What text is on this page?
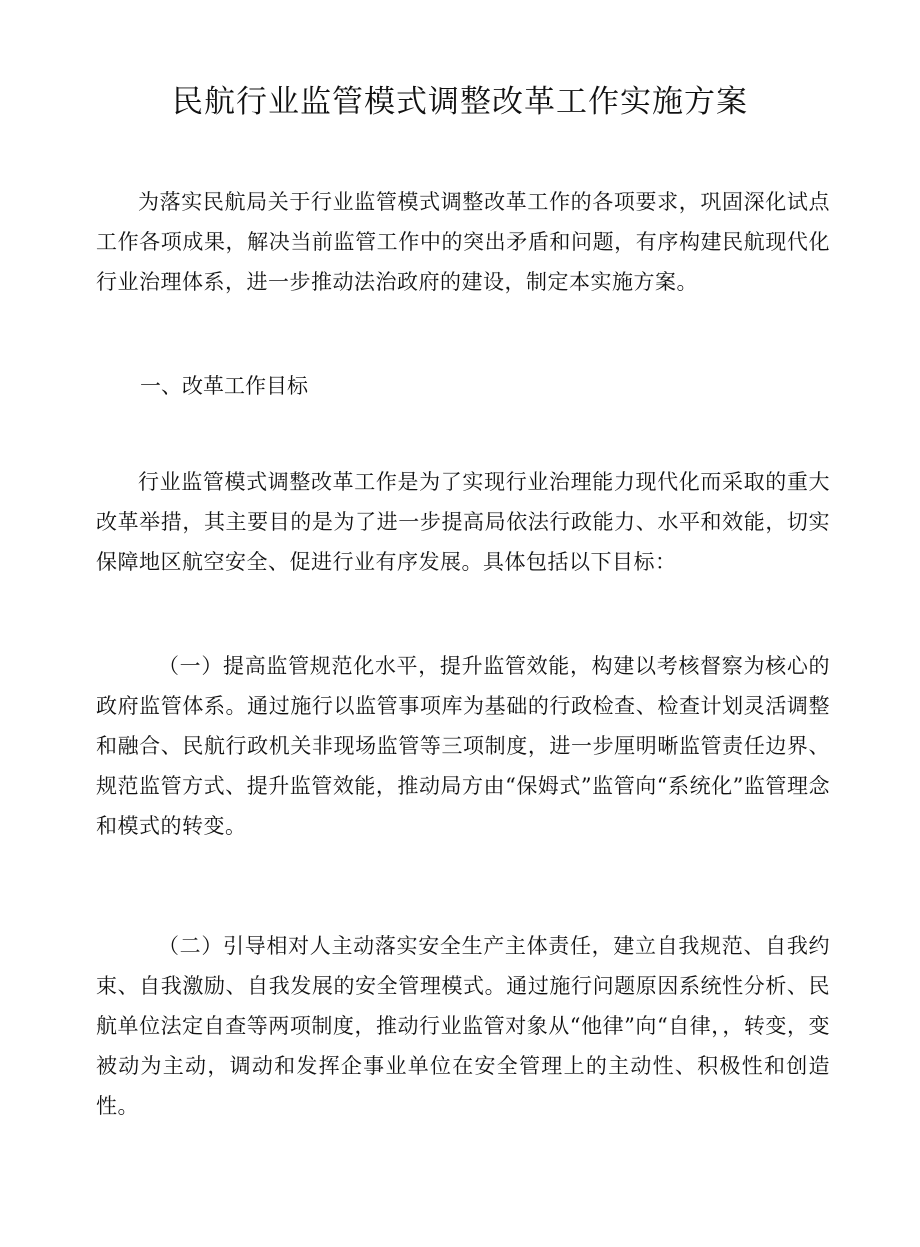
民航行业监管模式调整改革工作实施方案

为落实民航局关于行业监管模式调整改革工作的各项要求，巩固深化试点工作各项成果，解决当前监管工作中的突出矛盾和问题，有序构建民航现代化行业治理体系，进一步推动法治政府的建设，制定本实施方案。

一、改革工作目标

行业监管模式调整改革工作是为了实现行业治理能力现代化而采取的重大改革举措，其主要目的是为了进一步提高局依法行政能力、水平和效能，切实保障地区航空安全、促进行业有序发展。具体包括以下目标：

（一）提高监管规范化水平，提升监管效能，构建以考核督察为核心的政府监管体系。通过施行以监管事项库为基础的行政检查、检查计划灵活调整和融合、民航行政机关非现场监管等三项制度，进一步厘明晰监管责任边界、规范监管方式、提升监管效能，推动局方由“保姆式”监管向“系统化”监管理念和模式的转变。

（二）引导相对人主动落实安全生产主体责任，建立自我规范、自我约束、自我激励、自我发展的安全管理模式。通过施行问题原因系统性分析、民航单位法定自查等两项制度，推动行业监管对象从“他律”向“自律，，转变，变被动为主动，调动和发挥企事业单位在安全管理上的主动性、积极性和创造性。
